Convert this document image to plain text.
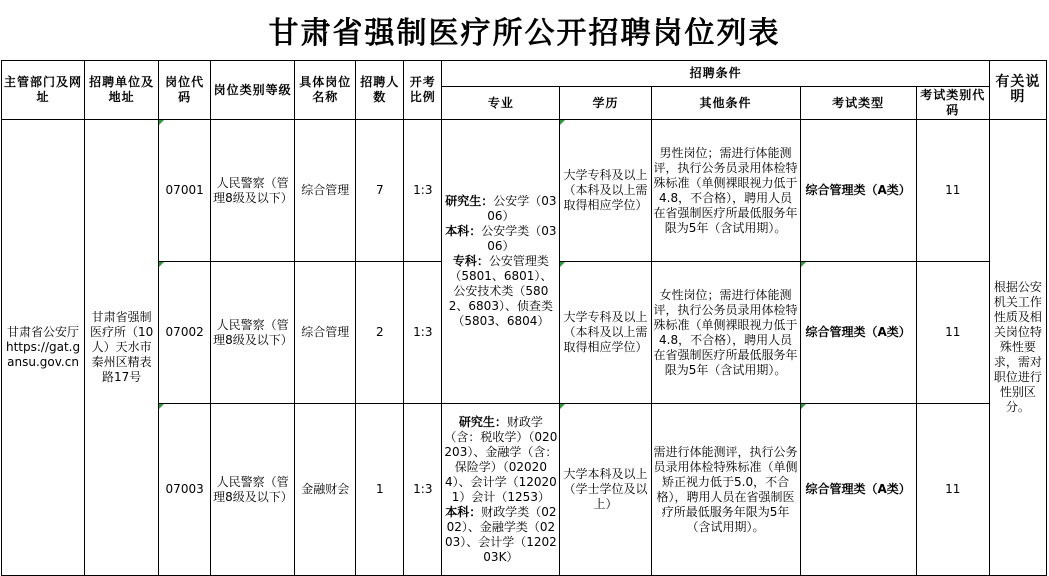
甘肃省强制医疗所公开招聘岗位列表
主管部门及网址	招聘单位及地址	岗位代码	岗位类别等级	具体岗位名称	招聘人数	开考比例	招聘条件					有关说明
							专业	学历	其他条件	考试类型	考试类别代码	
甘肃省公安厅https://gat.gansu.gov.cn	甘肃省强制医疗所（10人）天水市秦州区精表路17号	07001	人民警察（管理8级及以下）	综合管理	7	1:3	研究生：公安学（0306）
本科：公安学类（0306）
专科：公安管理类（5801、6801）、公安技术类（5802、6803）、侦查类（5803、6804）	大学专科及以上（本科及以上需取得相应学位）	男性岗位；需进行体能测评，执行公务员录用体检特殊标准（单侧裸眼视力低于4.8，不合格），聘用人员在省强制医疗所最低服务年限为5年（含试用期）。	综合管理类（A类）	11	根据公安机关工作性质及相关岗位特殊性要求，需对职位进行性别区分。
		07002	人民警察（管理8级及以下）	综合管理	2	1:3		大学专科及以上（本科及以上需取得相应学位）	女性岗位；需进行体能测评，执行公务员录用体检特殊标准（单侧裸眼视力低于4.8，不合格），聘用人员在省强制医疗所最低服务年限为5年（含试用期）。	综合管理类（A类）	11	
		07003	人民警察（管理8级及以下）	金融财会	1	1:3	研究生：财政学（含：税收学）（020203）、金融学（含：保险学）（020204）、会计学（120201）会计（1253）
本科：财政学类（0202）、金融学类（0203）、会计学（120203K）	大学本科及以上（学士学位及以上）	需进行体能测评，执行公务员录用体检特殊标准（单侧矫正视力低于5.0，不合格），聘用人员在省强制医疗所最低服务年限为5年（含试用期）。	综合管理类（A类）	11	
